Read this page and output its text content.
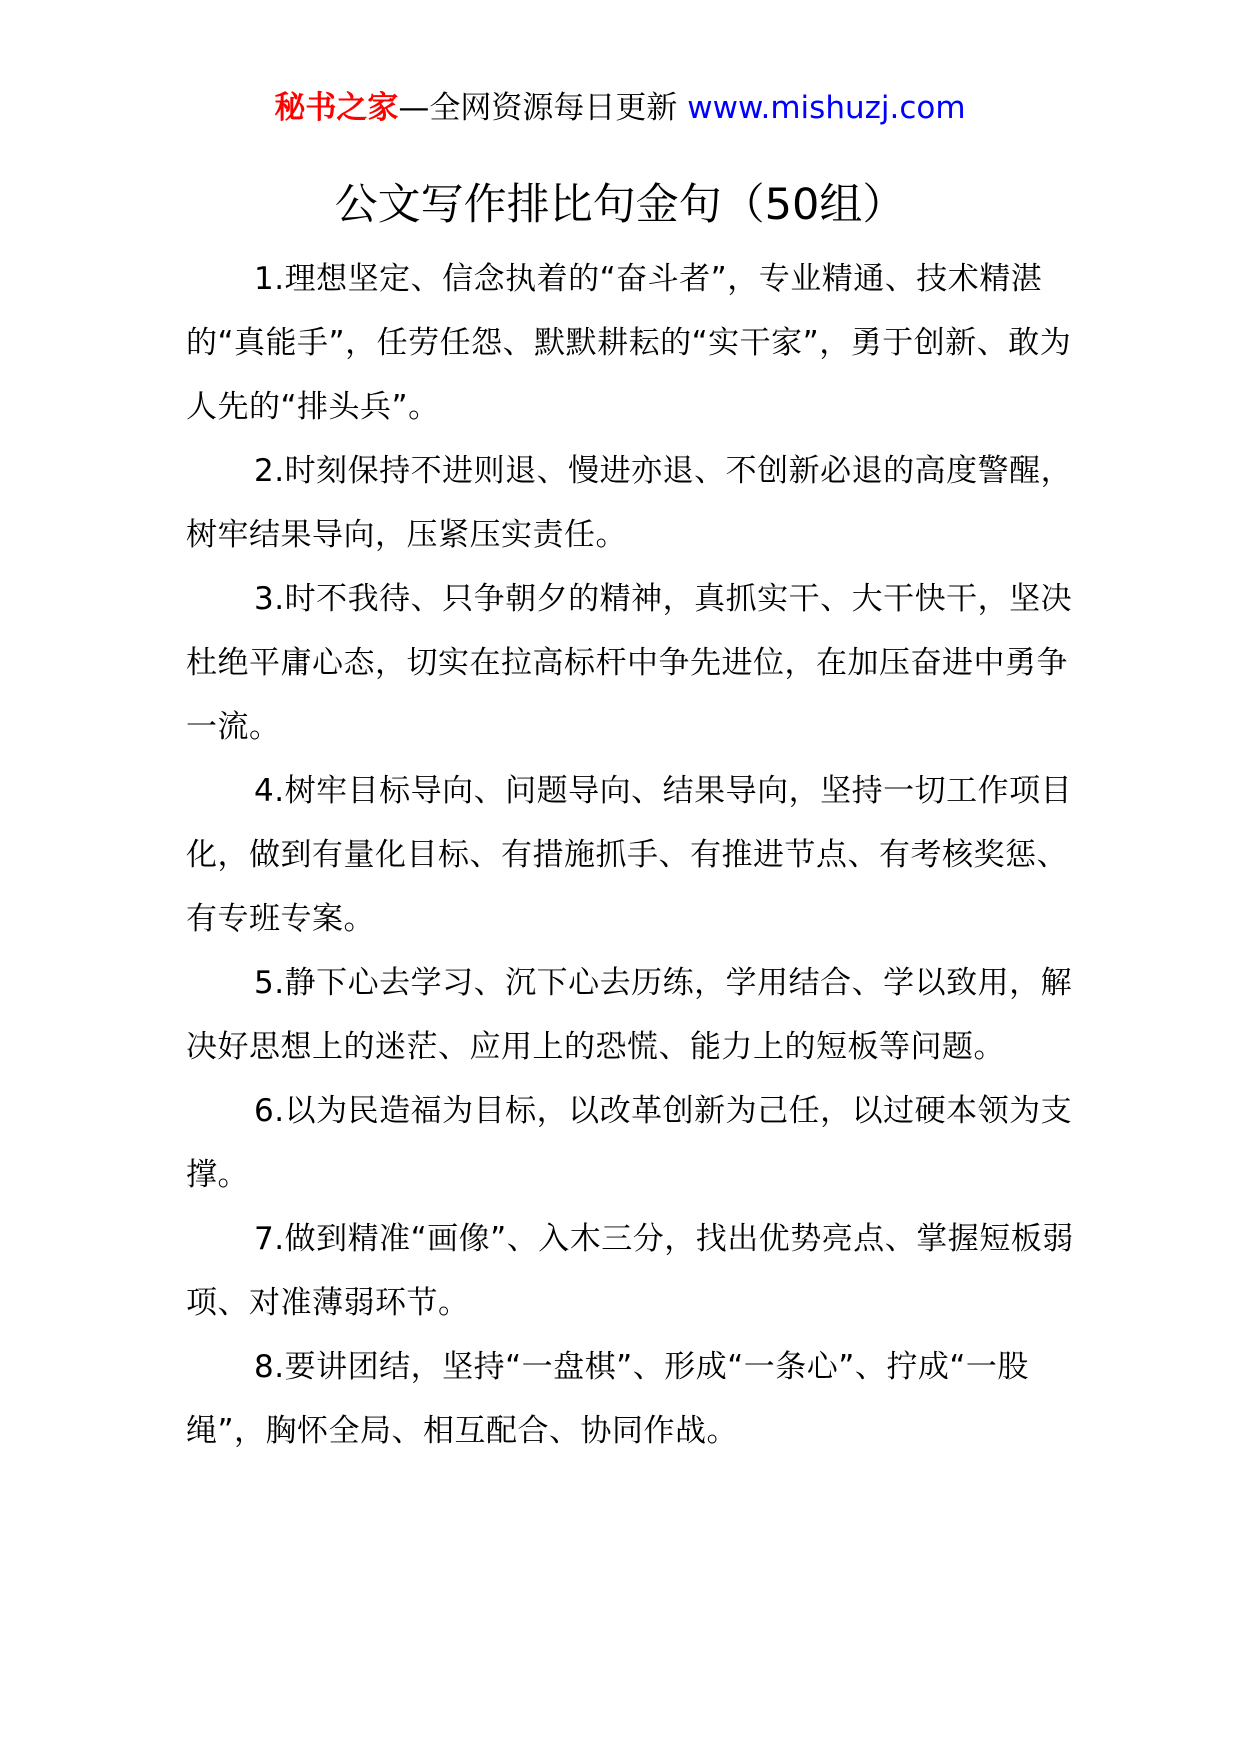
秘书之家—全网资源每日更新 www.mishuzj.com
公文写作排比句金句（50组）

1.理想坚定、信念执着的“奋斗者”，专业精通、技术精湛的“真能手”，任劳任怨、默默耕耘的“实干家”，勇于创新、敢为人先的“排头兵”。

2.时刻保持不进则退、慢进亦退、不创新必退的高度警醒，树牢结果导向，压紧压实责任。

3.时不我待、只争朝夕的精神，真抓实干、大干快干，坚决杜绝平庸心态，切实在拉高标杆中争先进位，在加压奋进中勇争一流。

4.树牢目标导向、问题导向、结果导向，坚持一切工作项目化，做到有量化目标、有措施抓手、有推进节点、有考核奖惩、有专班专案。

5.静下心去学习、沉下心去历练，学用结合、学以致用，解决好思想上的迷茫、应用上的恐慌、能力上的短板等问题。

6.以为民造福为目标，以改革创新为己任，以过硬本领为支撑。

7.做到精准“画像”、入木三分，找出优势亮点、掌握短板弱项、对准薄弱环节。

8.要讲团结，坚持“一盘棋”、形成“一条心”、拧成“一股绳”，胸怀全局、相互配合、协同作战。
